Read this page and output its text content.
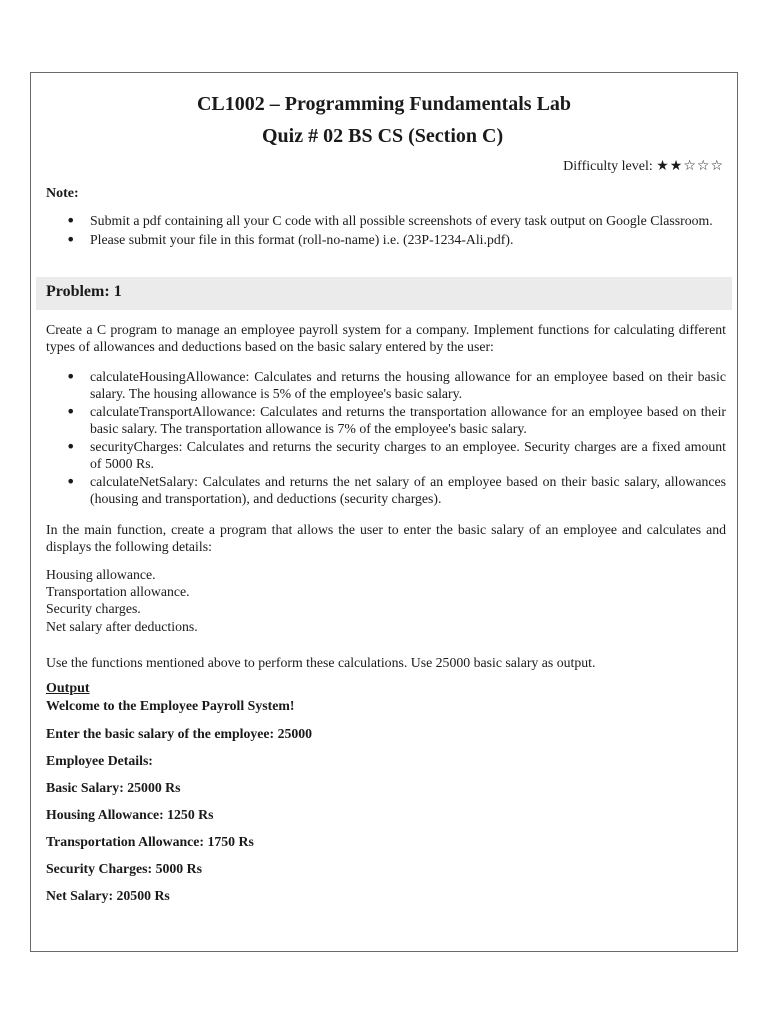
CL1002 – Programming Fundamentals Lab
Quiz # 02 BS CS (Section C)
Difficulty level: ★★☆☆☆
Note:
• Submit a pdf containing all your C code with all possible screenshots of every task output on Google Classroom.
• Please submit your file in this format (roll-no-name) i.e. (23P-1234-Ali.pdf).
Problem: 1
Create a C program to manage an employee payroll system for a company. Implement functions for calculating different types of allowances and deductions based on the basic salary entered by the user:
• calculateHousingAllowance: Calculates and returns the housing allowance for an employee based on their basic salary. The housing allowance is 5% of the employee's basic salary.
• calculateTransportAllowance: Calculates and returns the transportation allowance for an employee based on their basic salary. The transportation allowance is 7% of the employee's basic salary.
• securityCharges: Calculates and returns the security charges to an employee. Security charges are a fixed amount of 5000 Rs.
• calculateNetSalary: Calculates and returns the net salary of an employee based on their basic salary, allowances (housing and transportation), and deductions (security charges).
In the main function, create a program that allows the user to enter the basic salary of an employee and calculates and displays the following details:
Housing allowance.
Transportation allowance.
Security charges.
Net salary after deductions.
Use the functions mentioned above to perform these calculations. Use 25000 basic salary as output.
Output
Welcome to the Employee Payroll System!
Enter the basic salary of the employee: 25000
Employee Details:
Basic Salary: 25000 Rs
Housing Allowance: 1250 Rs
Transportation Allowance: 1750 Rs
Security Charges: 5000 Rs
Net Salary: 20500 Rs
